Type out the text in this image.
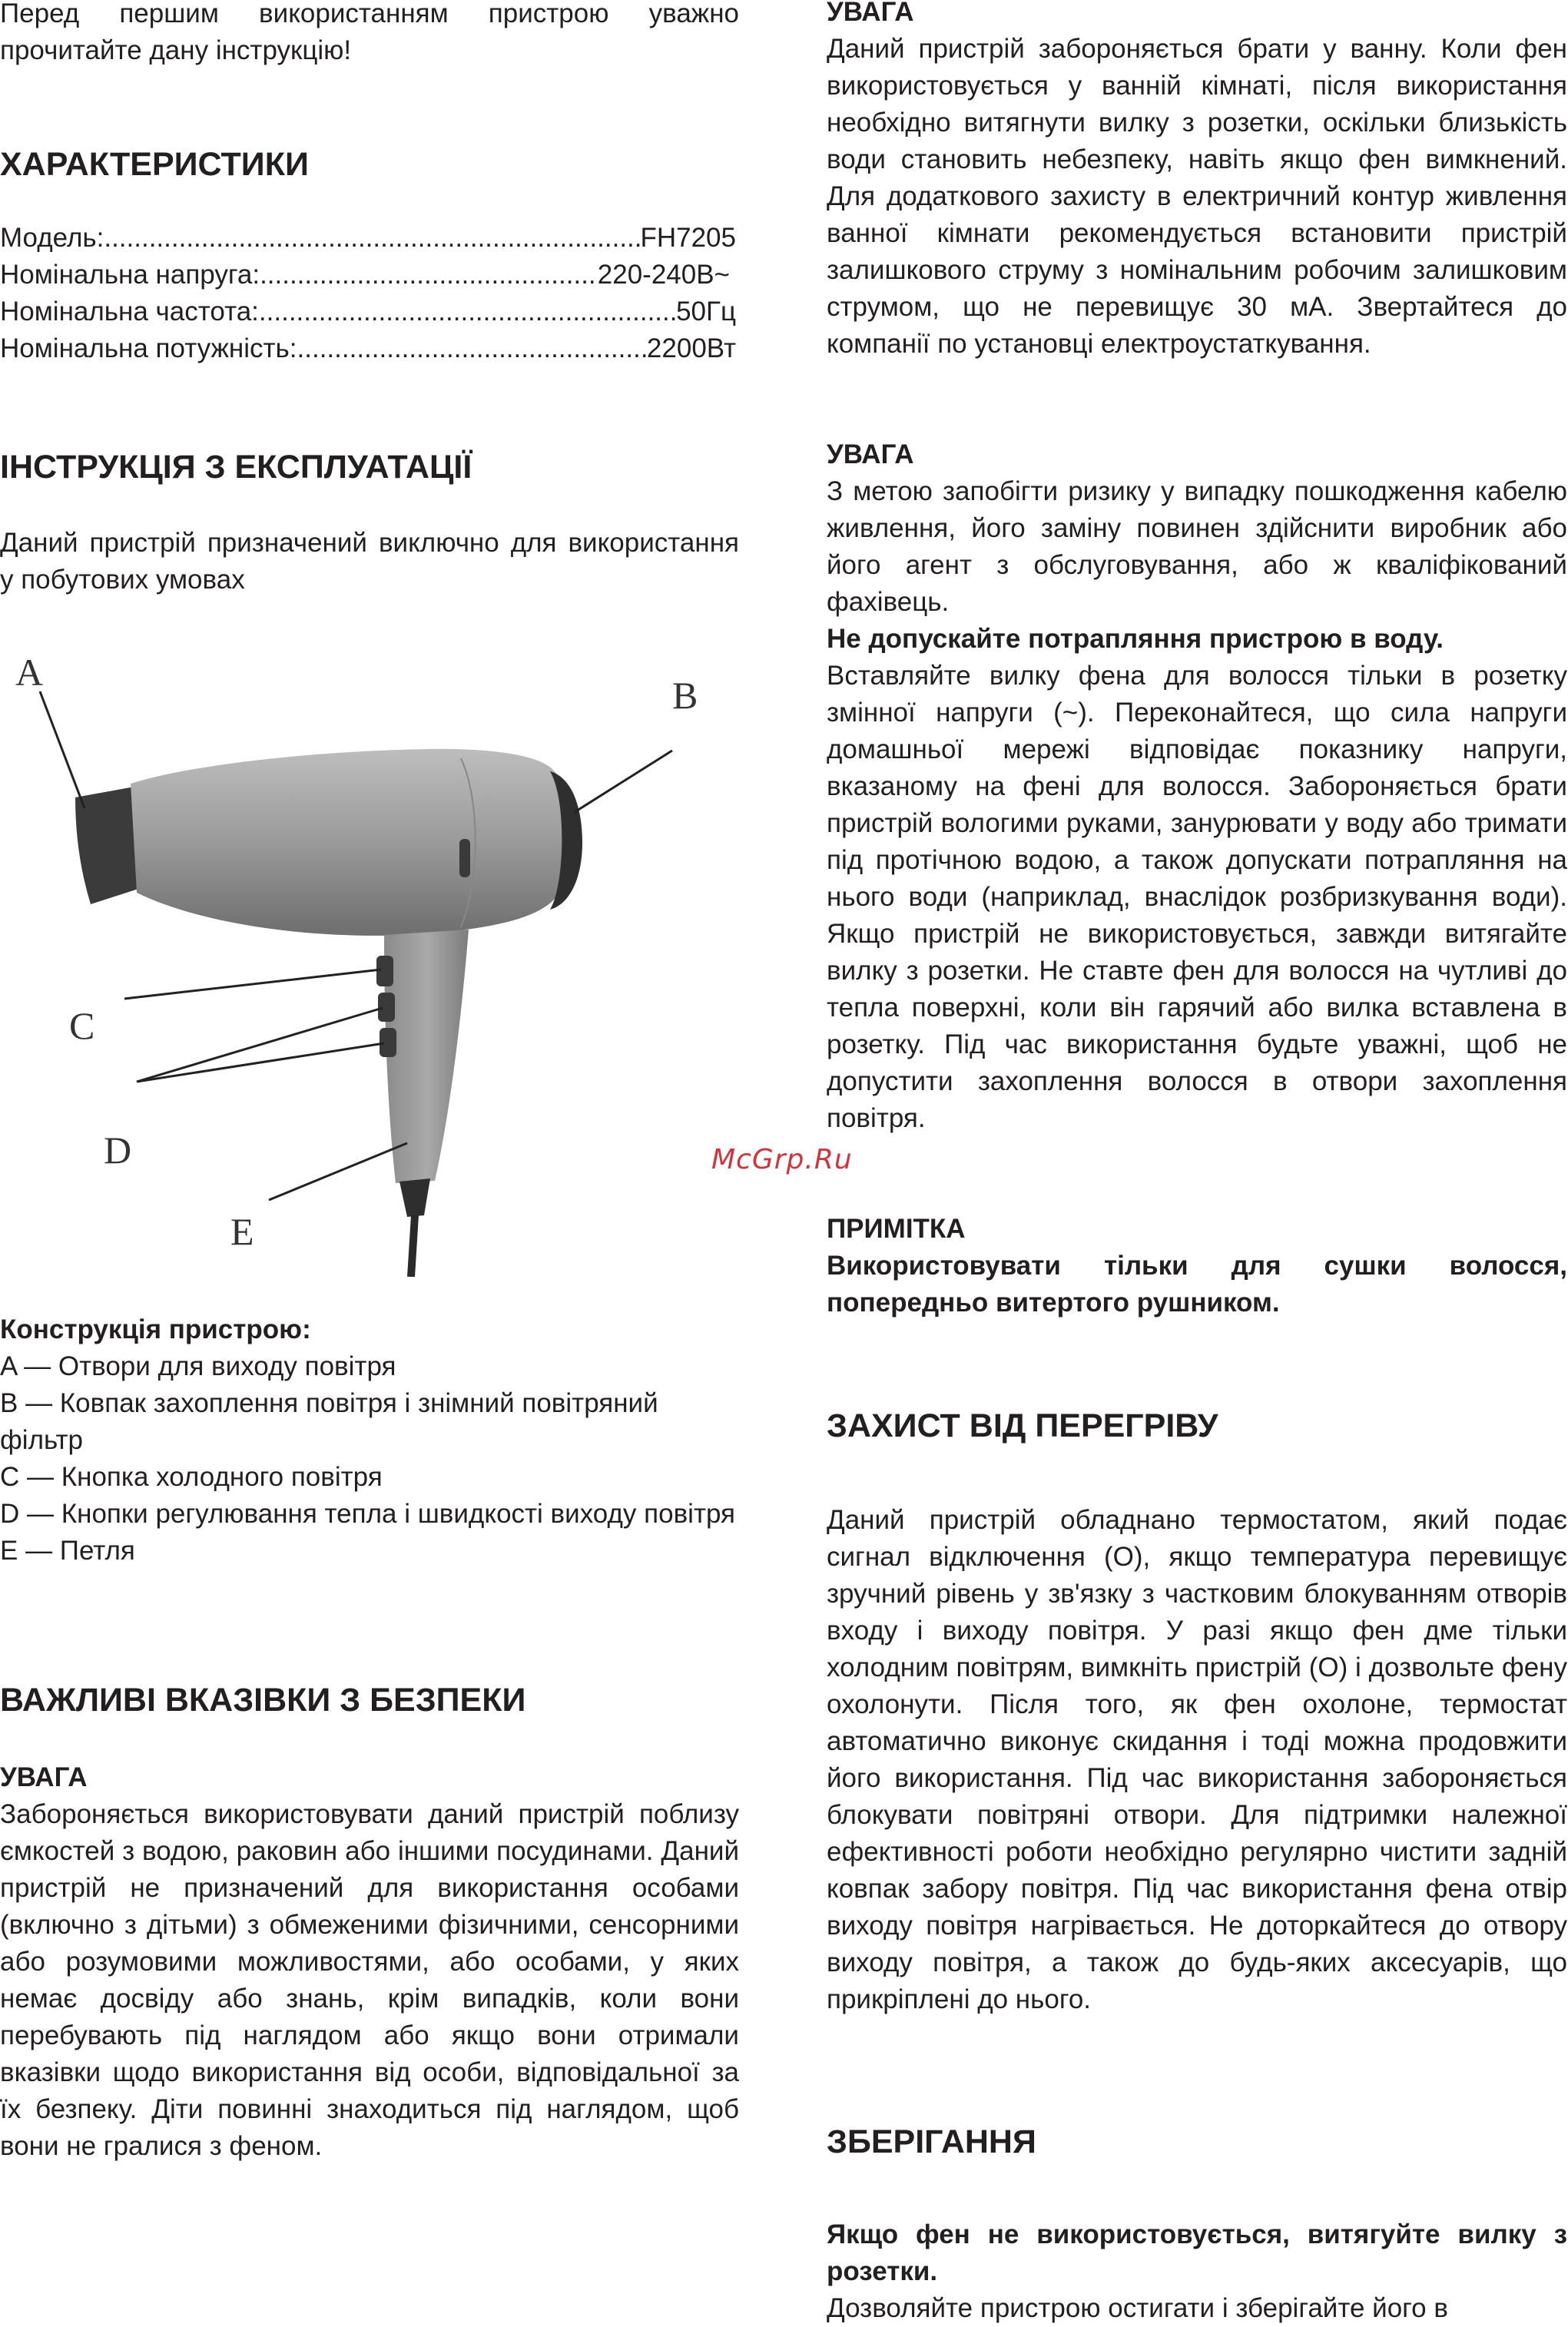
Перед першим використанням пристрою уважно прочитайте дану інструкцію!

ХАРАКТЕРИСТИКИ
Модель: .....	FH7205
Номінальна напруга: .....	220-240В~
Номінальна частота: .....	50Гц
Номінальна потужність: .....	2200Вт
ІНСТРУКЦІЯ З ЕКСПЛУАТАЦІЇ

Даний пристрій призначений виключно для використання у побутових умовах

A
B
C
D
E

Конструкція пристрою:

A — Отвори для виходу повітря

B — Ковпак захоплення повітря і знімний повітряний фільтр

C — Кнопка холодного повітря

D — Кнопки регулювання тепла і швидкості виходу повітря

E — Петля

ВАЖЛИВІ ВКАЗІВКИ З БЕЗПЕКИ

УВАГА

Забороняється використовувати даний пристрій поблизу ємкостей з водою, раковин або іншими посудинами. Даний пристрій не призначений для використання особами (включно з дітьми) з обмеженими фізичними, сенсорними або розумовими можливостями, або особами, у яких немає досвіду або знань, крім випадків, коли вони перебувають під наглядом або якщо вони отримали вказівки щодо використання від особи, відповідальної за їх безпеку. Діти повинні знаходиться під наглядом, щоб вони не гралися з феном.

УВАГА

Даний пристрій забороняється брати у ванну. Коли фен використовується у ванній кімнаті, після використання необхідно витягнути вилку з розетки, оскільки близькість води становить небезпеку, навіть якщо фен вимкнений. Для додаткового захисту в електричний контур живлення ванної кімнати рекомендується встановити пристрій залишкового струму з номінальним робочим залишковим струмом, що не перевищує 30 мА. Звертайтеся до компанії по установці електроустаткування.

УВАГА

З метою запобігти ризику у випадку пошкодження кабелю живлення, його заміну повинен здійснити виробник або його агент з обслуговування, або ж кваліфікований фахівець.

Не допускайте потрапляння пристрою в воду.

Вставляйте вилку фена для волосся тільки в розетку змінної напруги (~). Переконайтеся, що сила напруги домашньої мережі відповідає показнику напруги, вказаному на фені для волосся. Забороняється брати пристрій вологими руками, занурювати у воду або тримати під протічною водою, а також допускати потрапляння на нього води (наприклад, внаслідок розбризкування води). Якщо пристрій не використовується, завжди витягайте вилку з розетки. Не ставте фен для волосся на чутливі до тепла поверхні, коли він гарячий або вилка вставлена в розетку. Під час використання будьте уважні, щоб не допустити захоплення волосся в отвори захоплення повітря.

ПРИМІТКА

Використовувати тільки для сушки волосся, попередньо витертого рушником.

ЗАХИСТ ВІД ПЕРЕГРІВУ

Даний пристрій обладнано термостатом, який подає сигнал відключення (O), якщо температура перевищує зручний рівень у зв'язку з частковим блокуванням отворів входу і виходу повітря. У разі якщо фен дме тільки холодним повітрям, вимкніть пристрій (O) і дозвольте фену охолонути. Після того, як фен охолоне, термостат автоматично виконує скидання і тоді можна продовжити його використання. Під час використання забороняється блокувати повітряні отвори. Для підтримки належної ефективності роботи необхідно регулярно чистити задній ковпак забору повітря. Під час використання фена отвір виходу повітря нагрівається. Не доторкайтеся до отвору виходу повітря, а також до будь-яких аксесуарів, що прикріплені до нього.

ЗБЕРІГАННЯ

Якщо фен не використовується, витягуйте вилку з розетки.

Дозволяйте пристрою остигати і зберігайте його в

McGrp.Ru
